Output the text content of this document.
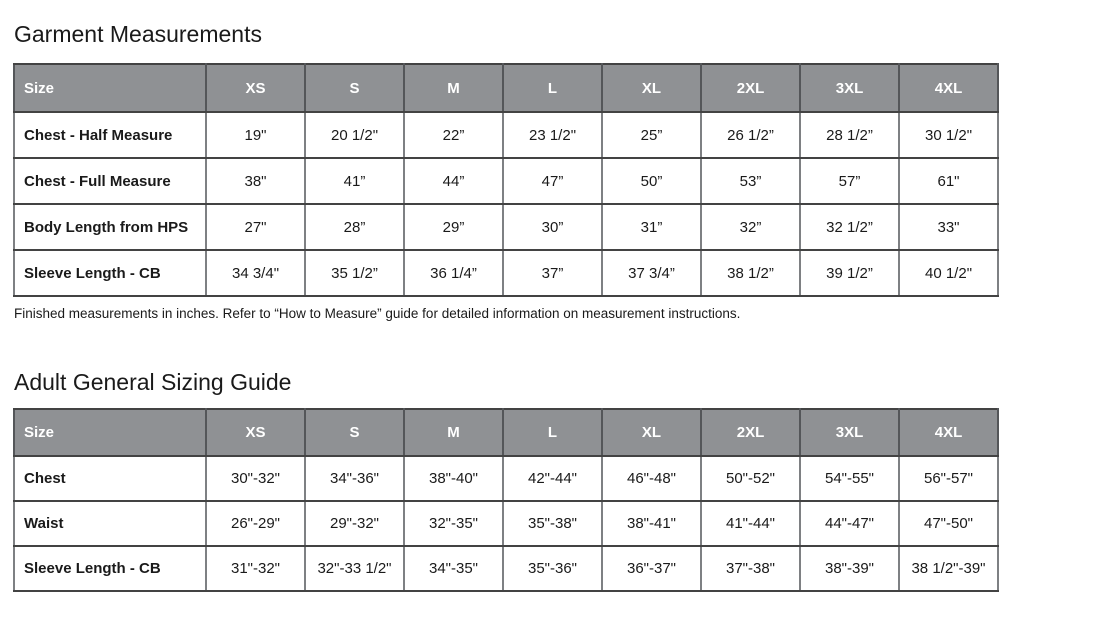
Garment Measurements
Size	XS	S	M	L	XL	2XL	3XL	4XL
Chest - Half Measure	19"	20 1/2"	22”	23 1/2"	25”	26 1/2”	28 1/2”	30 1/2"
Chest - Full Measure	38"	41”	44”	47”	50”	53”	57”	61"
Body Length from HPS	27"	28”	29”	30”	31”	32”	32 1/2”	33"
Sleeve Length - CB	34 3/4"	35 1/2”	36 1/4”	37”	37 3/4”	38 1/2”	39 1/2”	40 1/2"

Finished measurements in inches. Refer to “How to Measure” guide for detailed information on measurement instructions.

Adult General Sizing Guide
Size	XS	S	M	L	XL	2XL	3XL	4XL
Chest	30"-32"	34"-36"	38"-40"	42"-44"	46"-48"	50"-52"	54"-55"	56"-57"
Waist	26"-29"	29"-32"	32"-35"	35"-38"	38"-41"	41"-44"	44"-47"	47"-50"
Sleeve Length - CB	31"-32"	32"-33 1/2"	34"-35"	35"-36"	36"-37"	37"-38"	38"-39"	38 1/2"-39"
